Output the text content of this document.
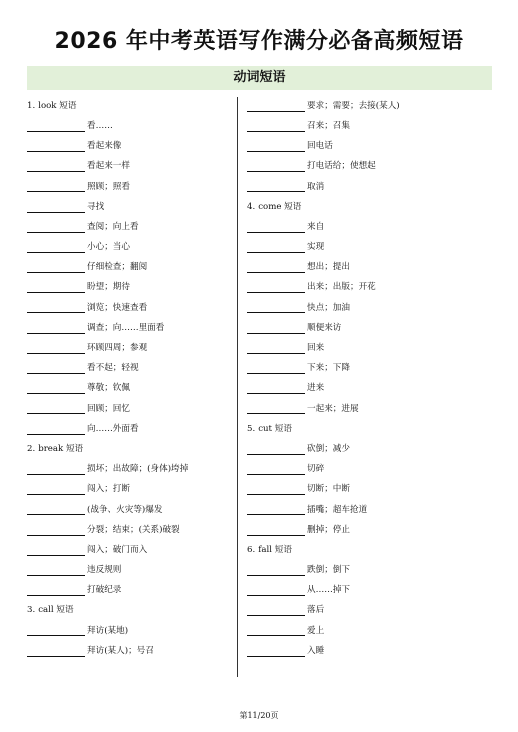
2026 年中考英语写作满分必备高频短语
动词短语
1. look 短语
看……
看起来像
看起来一样
照顾；照看
寻找
查阅；向上看
小心；当心
仔细检查；翻阅
盼望；期待
浏览；快速查看
调查；向……里面看
环顾四周；参观
看不起；轻视
尊敬；钦佩
回顾；回忆
向……外面看
2. break 短语
损坏；出故障；(身体)垮掉
闯入；打断
(战争、火灾等)爆发
分裂；结束；(关系)破裂
闯入；破门而入
违反规则
打破纪录
3. call 短语
拜访(某地)
拜访(某人)；号召
要求；需要；去接(某人)
召来；召集
回电话
打电话给；使想起
取消
4. come 短语
来自
实现
想出；提出
出来；出版；开花
快点；加油
顺便来访
回来
下来；下降
进来
一起来；进展
5. cut 短语
砍倒；减少
切碎
切断；中断
插嘴；超车抢道
删掉；停止
6. fall 短语
跌倒；倒下
从……掉下
落后
爱上
入睡
第11/20页
